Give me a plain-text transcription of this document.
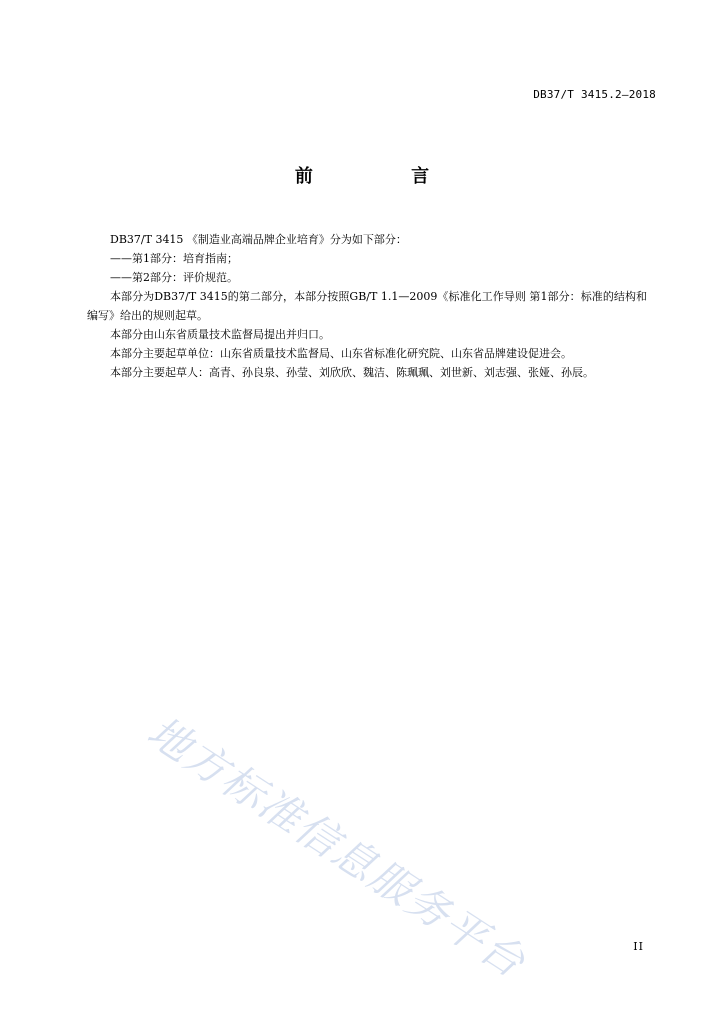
DB37/T 3415.2—2018
前 言

DB37/T 3415 《制造业高端品牌企业培育》分为如下部分：

——第1部分：培育指南；

——第2部分：评价规范。

本部分为DB37/T 3415的第二部分，本部分按照GB/T 1.1—2009《标准化工作导则 第1部分：标准的结构和编写》给出的规则起草。

本部分由山东省质量技术监督局提出并归口。

本部分主要起草单位：山东省质量技术监督局、山东省标准化研究院、山东省品牌建设促进会。

本部分主要起草人：高青、孙良泉、孙莹、刘欣欣、魏洁、陈珮珮、刘世新、刘志强、张娅、孙辰。

地方标准信息服务平台	II
